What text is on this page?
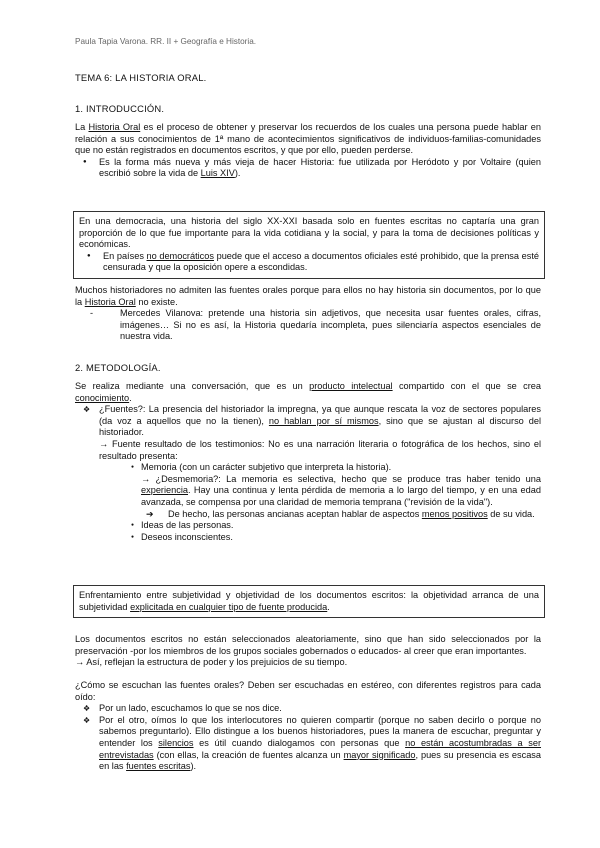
Paula Tapia Varona. RR. II + Geografía e Historia.
TEMA 6: LA HISTORIA ORAL.
1. INTRODUCCIÓN.

La Historia Oral es el proceso de obtener y preservar los recuerdos de los cuales una persona puede hablar en relación a sus conocimientos de 1ª mano de acontecimientos significativos de individuos-familias-comunidades que no están registrados en documentos escritos, y que por ello, pueden perderse.

● Es la forma más nueva y más vieja de hacer Historia: fue utilizada por Heródoto y por Voltaire (quien escribió sobre la vida de Luis XIV).

En una democracia, una historia del siglo XX-XXI basada solo en fuentes escritas no captaría una gran proporción de lo que fue importante para la vida cotidiana y la social, y para la toma de decisiones políticas y económicas.

● En países no democráticos puede que el acceso a documentos oficiales esté prohibido, que la prensa esté censurada y que la oposición opere a escondidas.

Muchos historiadores no admiten las fuentes orales porque para ellos no hay historia sin documentos, por lo que la Historia Oral no existe.

-	Mercedes Vilanova: pretende una historia sin adjetivos, que necesita usar fuentes orales, cifras, imágenes… Si no es así, la Historia quedaría incompleta, pues silenciaría aspectos esenciales de nuestra vida.

2. METODOLOGÍA.

Se realiza mediante una conversación, que es un producto intelectual compartido con el que se crea conocimiento.

❖ ¿Fuentes?: La presencia del historiador la impregna, ya que aunque rescata la voz de sectores populares (da voz a aquellos que no la tienen), no hablan por sí mismos, sino que se ajustan al discurso del historiador.

→ Fuente resultado de los testimonios: No es una narración literaria o fotográfica de los hechos, sino el resultado presenta:

● Memoria (con un carácter subjetivo que interpreta la historia).

→ ¿Desmemoria?: La memoria es selectiva, hecho que se produce tras haber tenido una experiencia. Hay una continua y lenta pérdida de memoria a lo largo del tiempo, y en una edad avanzada, se compensa por una claridad de memoria temprana ("revisión de la vida").

➔ De hecho, las personas ancianas aceptan hablar de aspectos menos positivos de su vida.

● Ideas de las personas.

● Deseos inconscientes.

Enfrentamiento entre subjetividad y objetividad de los documentos escritos: la objetividad arranca de una subjetividad explicitada en cualquier tipo de fuente producida.

Los documentos escritos no están seleccionados aleatoriamente, sino que han sido seleccionados por la preservación -por los miembros de los grupos sociales gobernados o educados- al creer que eran importantes.

→ Así, reflejan la estructura de poder y los prejuicios de su tiempo.

¿Cómo se escuchan las fuentes orales? Deben ser escuchadas en estéreo, con diferentes registros para cada oído:

❖ Por un lado, escuchamos lo que se nos dice.

❖ Por el otro, oímos lo que los interlocutores no quieren compartir (porque no saben decirlo o porque no sabemos preguntarlo). Ello distingue a los buenos historiadores, pues la manera de escuchar, preguntar y entender los silencios es útil cuando dialogamos con personas que no están acostumbradas a ser entrevistadas (con ellas, la creación de fuentes alcanza un mayor significado, pues su presencia es escasa en las fuentes escritas).
